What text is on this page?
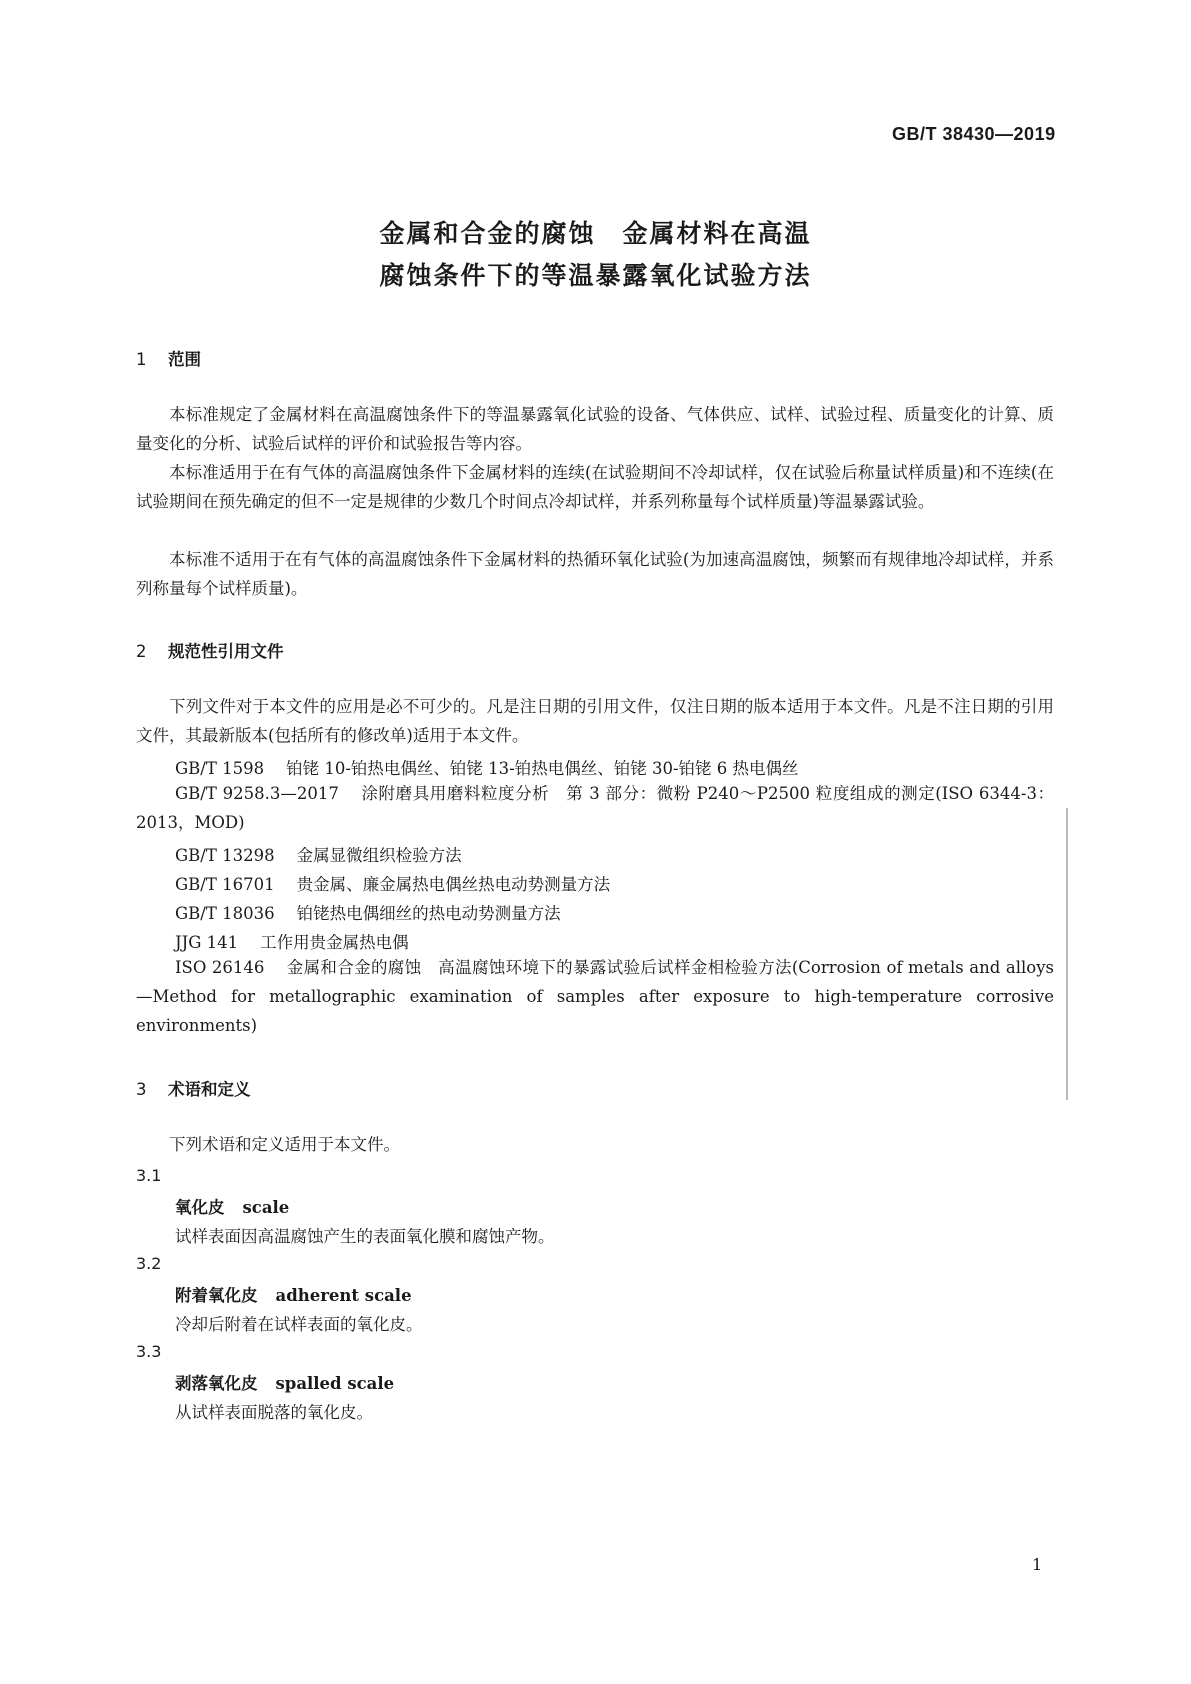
GB/T 38430—2019
金属和合金的腐蚀　金属材料在高温
腐蚀条件下的等温暴露氧化试验方法
1 范围
本标准规定了金属材料在高温腐蚀条件下的等温暴露氧化试验的设备、气体供应、试样、试验过程、质量变化的计算、质量变化的分析、试验后试样的评价和试验报告等内容。
本标准适用于在有气体的高温腐蚀条件下金属材料的连续(在试验期间不冷却试样，仅在试验后称量试样质量)和不连续(在试验期间在预先确定的但不一定是规律的少数几个时间点冷却试样，并系列称量每个试样质量)等温暴露试验。
本标准不适用于在有气体的高温腐蚀条件下金属材料的热循环氧化试验(为加速高温腐蚀，频繁而有规律地冷却试样，并系列称量每个试样质量)。
2 规范性引用文件
下列文件对于本文件的应用是必不可少的。凡是注日期的引用文件，仅注日期的版本适用于本文件。凡是不注日期的引用文件，其最新版本(包括所有的修改单)适用于本文件。
GB/T 1598 铂铑 10-铂热电偶丝、铂铑 13-铂热电偶丝、铂铑 30-铂铑 6 热电偶丝
GB/T 9258.3—2017 涂附磨具用磨料粒度分析　第 3 部分：微粉 P240～P2500 粒度组成的测定(ISO 6344-3：2013，MOD)
GB/T 13298 金属显微组织检验方法
GB/T 16701 贵金属、廉金属热电偶丝热电动势测量方法
GB/T 18036 铂铑热电偶细丝的热电动势测量方法
JJG 141 工作用贵金属热电偶
ISO 26146 金属和合金的腐蚀　高温腐蚀环境下的暴露试验后试样金相检验方法(Corrosion of metals and alloys—Method for metallographic examination of samples after exposure to high-temperature corrosive environments)
3 术语和定义
下列术语和定义适用于本文件。
3.1
氧化皮 scale
试样表面因高温腐蚀产生的表面氧化膜和腐蚀产物。
3.2
附着氧化皮 adherent scale
冷却后附着在试样表面的氧化皮。
3.3
剥落氧化皮 spalled scale
从试样表面脱落的氧化皮。
1
